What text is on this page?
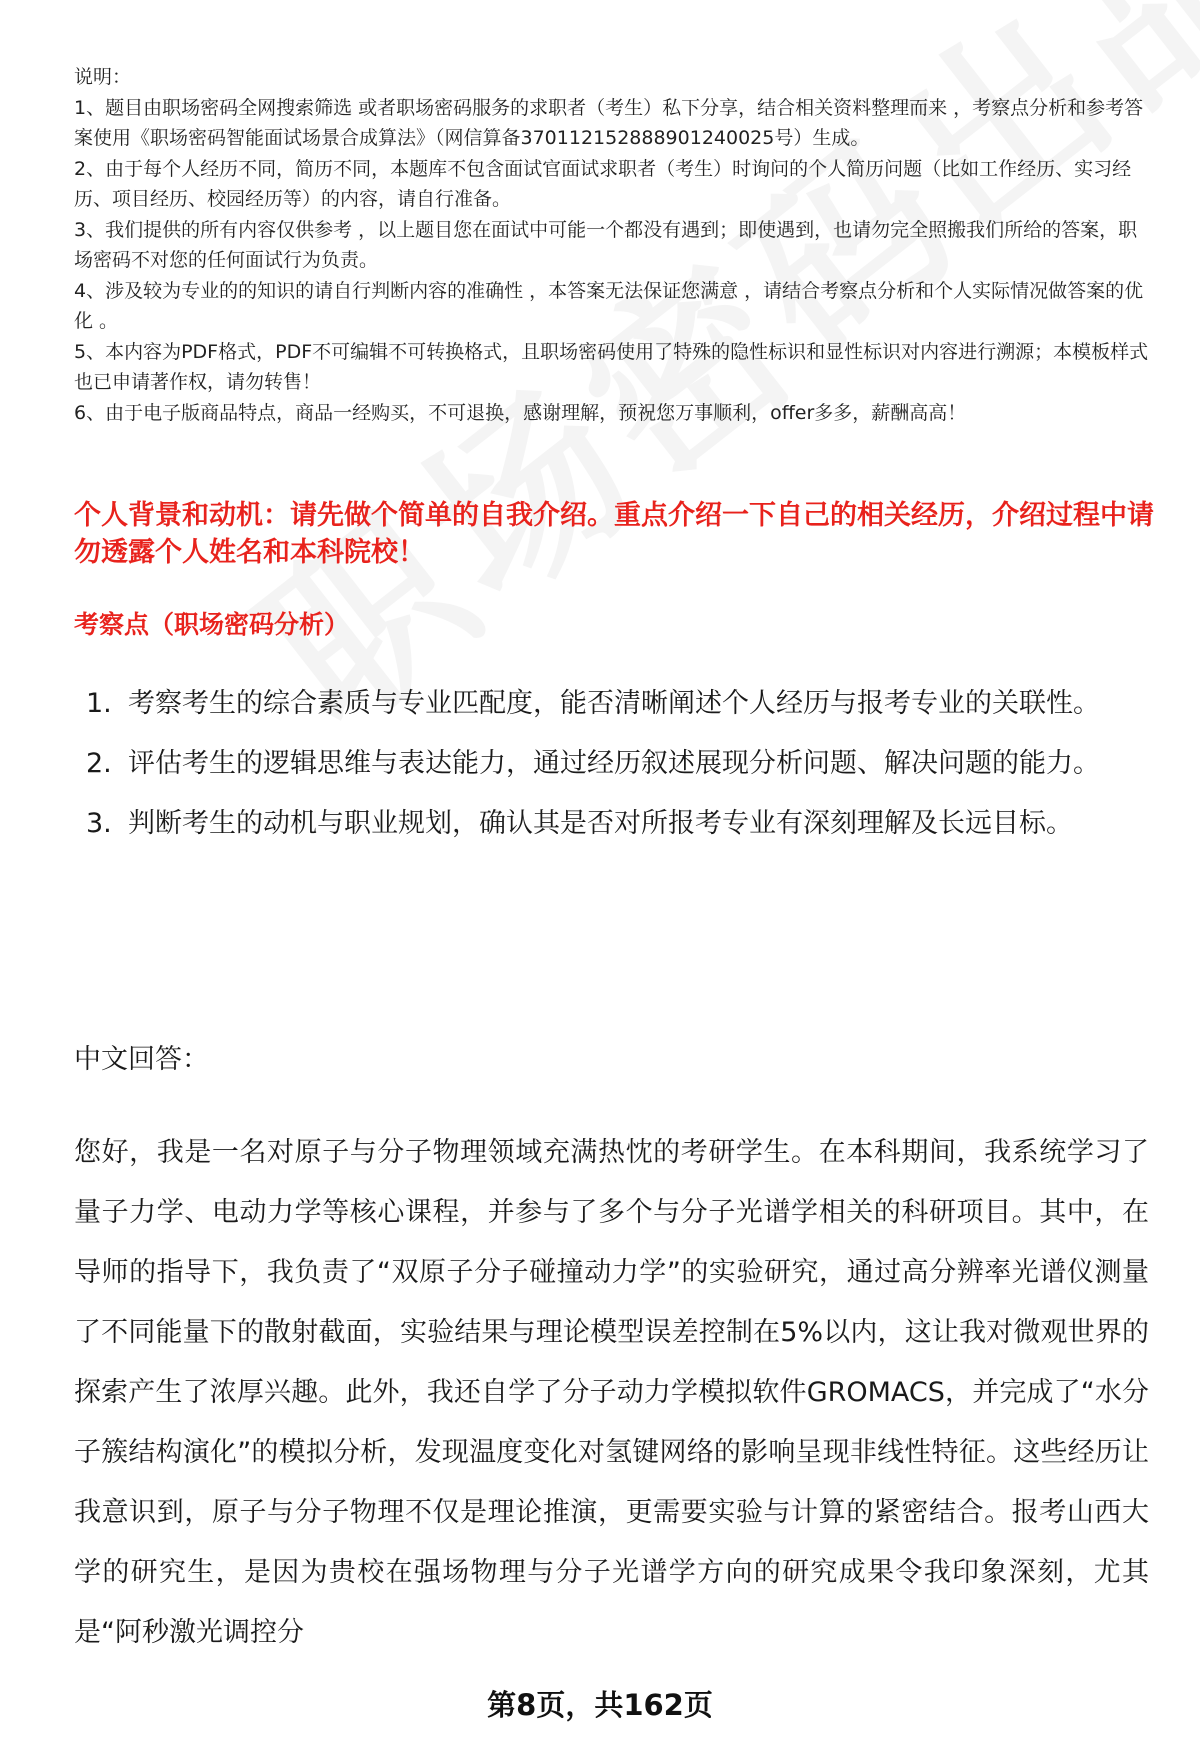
说明：

1、题目由职场密码全网搜索筛选 或者职场密码服务的求职者（考生）私下分享，结合相关资料整理而来 ，考察点分析和参考答案使用《职场密码智能面试场景合成算法》（网信算备370112152888901240025号）生成。

2、由于每个人经历不同，简历不同，本题库不包含面试官面试求职者（考生）时询问的个人简历问题（比如工作经历、实习经历、项目经历、校园经历等）的内容，请自行准备。

3、我们提供的所有内容仅供参考 ，以上题目您在面试中可能一个都没有遇到；即使遇到，也请勿完全照搬我们所给的答案，职场密码不对您的任何面试行为负责。

4、涉及较为专业的的知识的请自行判断内容的准确性 ，本答案无法保证您满意 ，请结合考察点分析和个人实际情况做答案的优化 。

5、本内容为PDF格式，PDF不可编辑不可转换格式，且职场密码使用了特殊的隐性标识和显性标识对内容进行溯源；本模板样式也已申请著作权，请勿转售！

6、由于电子版商品特点，商品一经购买，不可退换，感谢理解，预祝您万事顺利，offer多多，薪酬高高！

个人背景和动机：请先做个简单的自我介绍。重点介绍一下自己的相关经历，介绍过程中请勿透露个人姓名和本科院校！
考察点（职场密码分析）
1. 考察考生的综合素质与专业匹配度，能否清晰阐述个人经历与报考专业的关联性。
2. 评估考生的逻辑思维与表达能力，通过经历叙述展现分析问题、解决问题的能力。
3. 判断考生的动机与职业规划，确认其是否对所报考专业有深刻理解及长远目标。

中文回答：

您好，我是一名对原子与分子物理领域充满热忱的考研学生。在本科期间，我系统学习了量子力学、电动力学等核心课程，并参与了多个与分子光谱学相关的科研项目。其中，在导师的指导下，我负责了“双原子分子碰撞动力学”的实验研究，通过高分辨率光谱仪测量了不同能量下的散射截面，实验结果与理论模型误差控制在5%以内，这让我对微观世界的探索产生了浓厚兴趣。此外，我还自学了分子动力学模拟软件GROMACS，并完成了“水分子簇结构演化”的模拟分析，发现温度变化对氢键网络的影响呈现非线性特征。这些经历让我意识到，原子与分子物理不仅是理论推演，更需要实验与计算的紧密结合。报考山西大学的研究生，是因为贵校在强场物理与分子光谱学方向的研究成果令我印象深刻，尤其是“阿秒激光调控分

第8页，共162页
